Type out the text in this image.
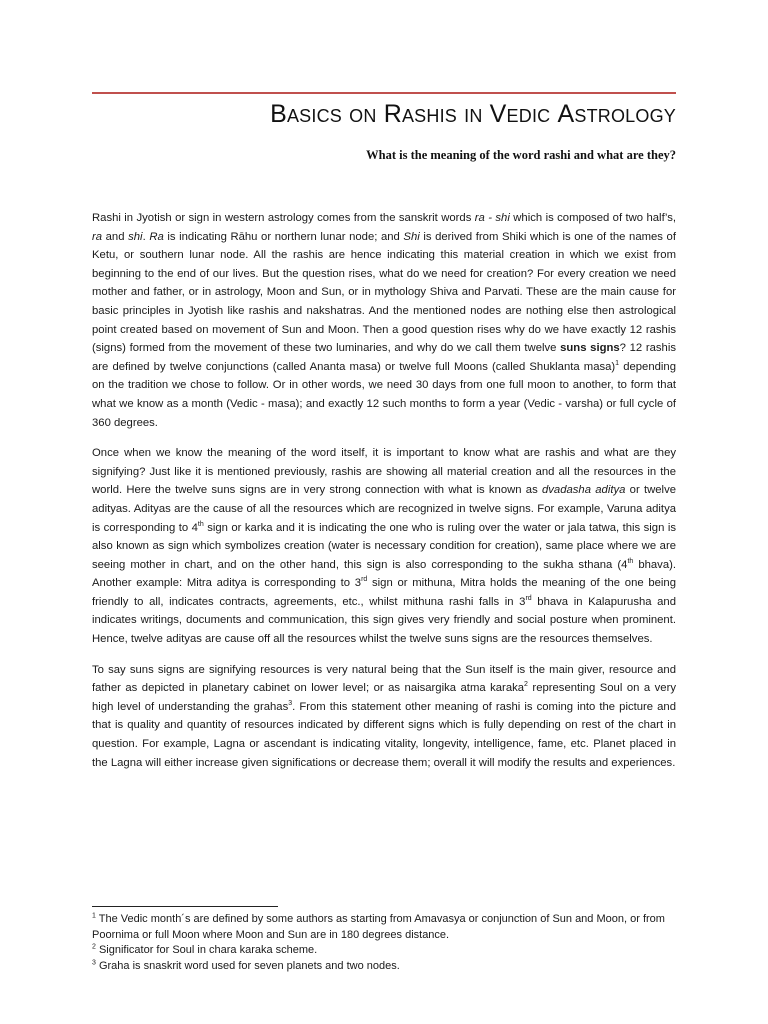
Basics on Rashis in Vedic Astrology
What is the meaning of the word rashi and what are they?

Rashi in Jyotish or sign in western astrology comes from the sanskrit words ra - shi which is composed of two half’s, ra and shi. Ra is indicating Rāhu or northern lunar node; and Shi is derived from Shiki which is one of the names of Ketu, or southern lunar node. All the rashis are hence indicating this material creation in which we exist from beginning to the end of our lives. But the question rises, what do we need for creation? For every creation we need mother and father, or in astrology, Moon and Sun, or in mythology Shiva and Parvati. These are the main cause for basic principles in Jyotish like rashis and nakshatras. And the mentioned nodes are nothing else then astrological point created based on movement of Sun and Moon. Then a good question rises why do we have exactly 12 rashis (signs) formed from the movement of these two luminaries, and why do we call them twelve suns signs? 12 rashis are defined by twelve conjunctions (called Ananta masa) or twelve full Moons (called Shuklanta masa)$^1$ depending on the tradition we chose to follow. Or in other words, we need 30 days from one full moon to another, to form that what we know as a month (Vedic - masa); and exactly 12 such months to form a year (Vedic - varsha) or full cycle of 360 degrees.

Once when we know the meaning of the word itself, it is important to know what are rashis and what are they signifying? Just like it is mentioned previously, rashis are showing all material creation and all the resources in the world. Here the twelve suns signs are in very strong connection with what is known as dvadasha aditya or twelve adityas. Adityas are the cause of all the resources which are recognized in twelve signs. For example, Varuna aditya is corresponding to 4th sign or karka and it is indicating the one who is ruling over the water or jala tatwa, this sign is also known as sign which symbolizes creation (water is necessary condition for creation), same place where we are seeing mother in chart, and on the other hand, this sign is also corresponding to the sukha sthana (4th bhava). Another example: Mitra aditya is corresponding to 3rd sign or mithuna, Mitra holds the meaning of the one being friendly to all, indicates contracts, agreements, etc., whilst mithuna rashi falls in 3rd bhava in Kalapurusha and indicates writings, documents and communication, this sign gives very friendly and social posture when prominent. Hence, twelve adityas are cause off all the resources whilst the twelve suns signs are the resources themselves.

To say suns signs are signifying resources is very natural being that the Sun itself is the main giver, resource and father as depicted in planetary cabinet on lower level; or as naisargika atma karaka$^2$ representing Soul on a very high level of understanding the grahas$^3$. From this statement other meaning of rashi is coming into the picture and that is quality and quantity of resources indicated by different signs which is fully depending on rest of the chart in question. For example, Lagna or ascendant is indicating vitality, longevity, intelligence, fame, etc. Planet placed in the Lagna will either increase given significations or decrease them; overall it will modify the results and experiences.

$^1$ The Vedic month´s are defined by some authors as starting from Amavasya or conjunction of Sun and Moon, or from Poornima or full Moon where Moon and Sun are in 180 degrees distance.
$^2$ Significator for Soul in chara karaka scheme.
$^3$ Graha is snaskrit word used for seven planets and two nodes.
